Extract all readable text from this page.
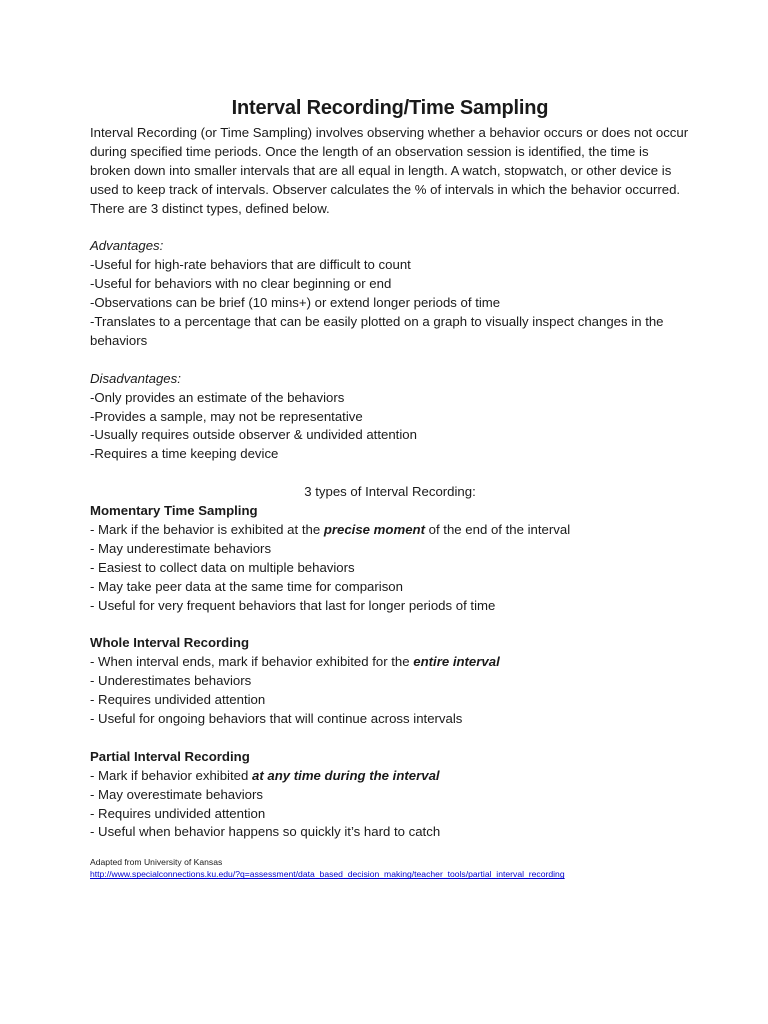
Interval Recording/Time Sampling

Interval Recording (or Time Sampling) involves observing whether a behavior occurs or does not occur during specified time periods. Once the length of an observation session is identified, the time is broken down into smaller intervals that are all equal in length. A watch, stopwatch, or other device is used to keep track of intervals. Observer calculates the % of intervals in which the behavior occurred. There are 3 distinct types, defined below.

Advantages:
-Useful for high-rate behaviors that are difficult to count
-Useful for behaviors with no clear beginning or end
-Observations can be brief (10 mins+) or extend longer periods of time
-Translates to a percentage that can be easily plotted on a graph to visually inspect changes in the behaviors
Disadvantages:
-Only provides an estimate of the behaviors
-Provides a sample, may not be representative
-Usually requires outside observer & undivided attention
-Requires a time keeping device
3 types of Interval Recording:
Momentary Time Sampling
- Mark if the behavior is exhibited at the precise moment of the end of the interval
- May underestimate behaviors
- Easiest to collect data on multiple behaviors
- May take peer data at the same time for comparison
- Useful for very frequent behaviors that last for longer periods of time
Whole Interval Recording
- When interval ends, mark if behavior exhibited for the entire interval
- Underestimates behaviors
- Requires undivided attention
- Useful for ongoing behaviors that will continue across intervals
Partial Interval Recording
- Mark if behavior exhibited at any time during the interval
- May overestimate behaviors
- Requires undivided attention
- Useful when behavior happens so quickly it’s hard to catch
Adapted from University of Kansas
http://www.specialconnections.ku.edu/?q=assessment/data_based_decision_making/teacher_tools/partial_interval_recording
